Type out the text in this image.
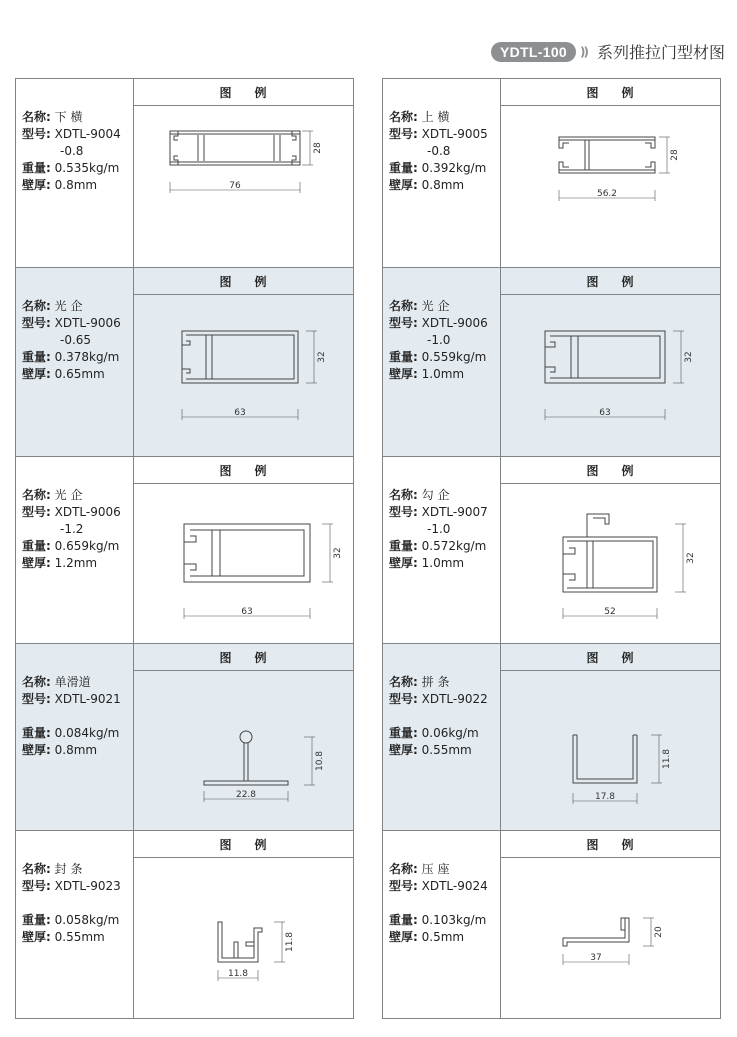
YDTL-100	)) 系列推拉门型材图
名称: 下 横
型号: XDTL-9004
-0.8
重量: 0.535kg/m
壁厚: 0.8mm
图 例
76
28
名称: 光 企
型号: XDTL-9006
-0.65
重量: 0.378kg/m
壁厚: 0.65mm
图 例
63
32
名称: 光 企
型号: XDTL-9006
-1.2
重量: 0.659kg/m
壁厚: 1.2mm
图 例
63
32
名称: 单滑道
型号: XDTL-9021
重量: 0.084kg/m
壁厚: 0.8mm
图 例
22.8
10.8
名称: 封 条
型号: XDTL-9023
重量: 0.058kg/m
壁厚: 0.55mm
图 例
11.8
11.8
名称: 上 横
型号: XDTL-9005
-0.8
重量: 0.392kg/m
壁厚: 0.8mm
图 例
56.2
28
名称: 光 企
型号: XDTL-9006
-1.0
重量: 0.559kg/m
壁厚: 1.0mm
图 例
63
32
名称: 勾 企
型号: XDTL-9007
-1.0
重量: 0.572kg/m
壁厚: 1.0mm
图 例
52
32
名称: 拼 条
型号: XDTL-9022
重量: 0.06kg/m
壁厚: 0.55mm
图 例
17.8
11.8
名称: 压 座
型号: XDTL-9024
重量: 0.103kg/m
壁厚: 0.5mm
图 例
37
20
